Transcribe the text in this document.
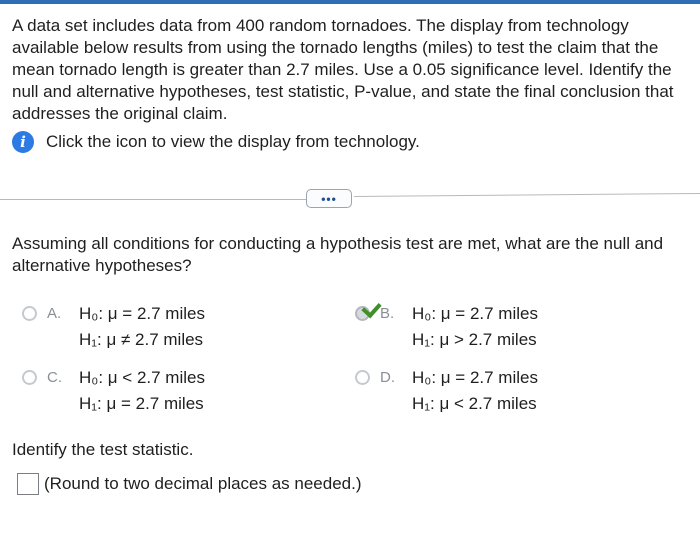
A data set includes data from 400 random tornadoes. The display from technology available below results from using the tornado lengths (miles) to test the claim that the mean tornado length is greater than 2.7 miles. Use a 0.05 significance level. Identify the null and alternative hypotheses, test statistic, P-value, and state the final conclusion that addresses the original claim.
i	Click the icon to view the display from technology.
•••
Assuming all conditions for conducting a hypothesis test are met, what are the null and alternative hypotheses?
A.	H₀: μ = 2.7 miles
H₁: μ ≠ 2.7 miles
B.	H₀: μ = 2.7 miles
H₁: μ > 2.7 miles
C.	H₀: μ < 2.7 miles
H₁: μ = 2.7 miles
D.	H₀: μ = 2.7 miles
H₁: μ < 2.7 miles
Identify the test statistic.
(Round to two decimal places as needed.)
